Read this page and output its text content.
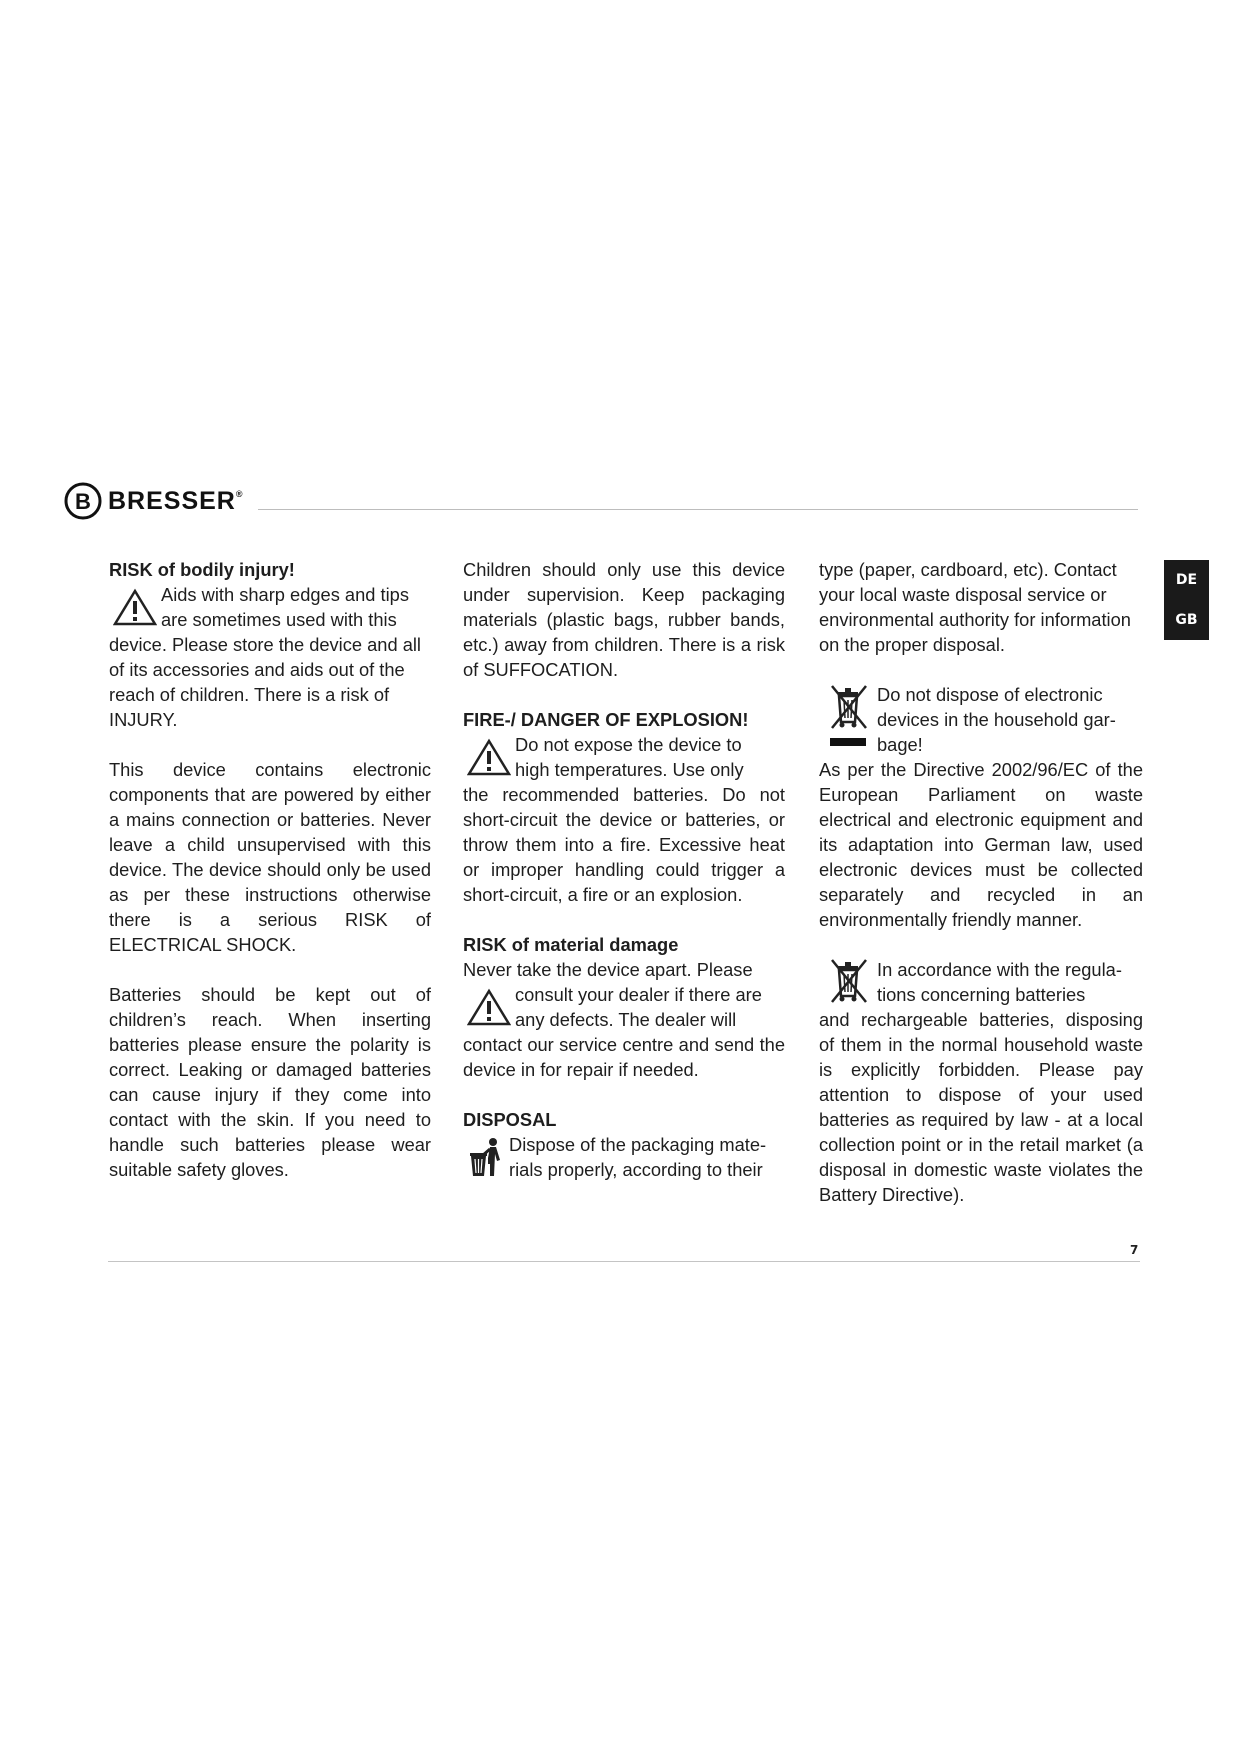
B BRESSER®
DE
GB

RISK of bodily injury!

Aids with sharp edges and tips

are sometimes used with this

device. Please store the device and all of its accessories and aids out of the reach of children. There is a risk of INJURY.

This device contains electronic components that are powered by either a mains connection or batteries. Never leave a child unsupervised with this device. The device should only be used as per these instructions otherwise there is a serious RISK of ELECTRICAL SHOCK.

Batteries should be kept out of children’s reach. When inserting batteries please ensure the polarity is correct. Leaking or damaged batteries can cause injury if they come into contact with the skin. If you need to handle such batteries please wear suitable safety gloves.

Children should only use this device under supervision. Keep packaging materials (plastic bags, rubber bands, etc.) away from children. There is a risk of SUFFOCATION.

FIRE-/ DANGER OF EXPLOSION!

Do not expose the device to

high temperatures. Use only

the recommended batteries. Do not short-circuit the device or batteries, or throw them into a fire. Excessive heat or improper handling could trigger a short-circuit, a fire or an explosion.

RISK of material damage

Never take the device apart. Please

consult your dealer if there are

any defects. The dealer will

contact our service centre and send the device in for repair if needed.

DISPOSAL

Dispose of the packaging mate-

rials properly, according to their

type (paper, cardboard, etc). Contact your local waste disposal service or environmental authority for information on the proper disposal.

Do not dispose of electronic

devices in the household gar-

bage!

As per the Directive 2002/96/EC of the European Parliament on waste electrical and electronic equipment and its adaptation into German law, used electronic devices must be collected separately and recycled in an environmentally friendly manner.

In accordance with the regula-

tions concerning batteries

and rechargeable batteries, disposing of them in the normal household waste is explicitly forbidden. Please pay attention to dispose of your used batteries as required by law - at a local collection point or in the retail market (a disposal in domestic waste violates the Battery Directive).

7
